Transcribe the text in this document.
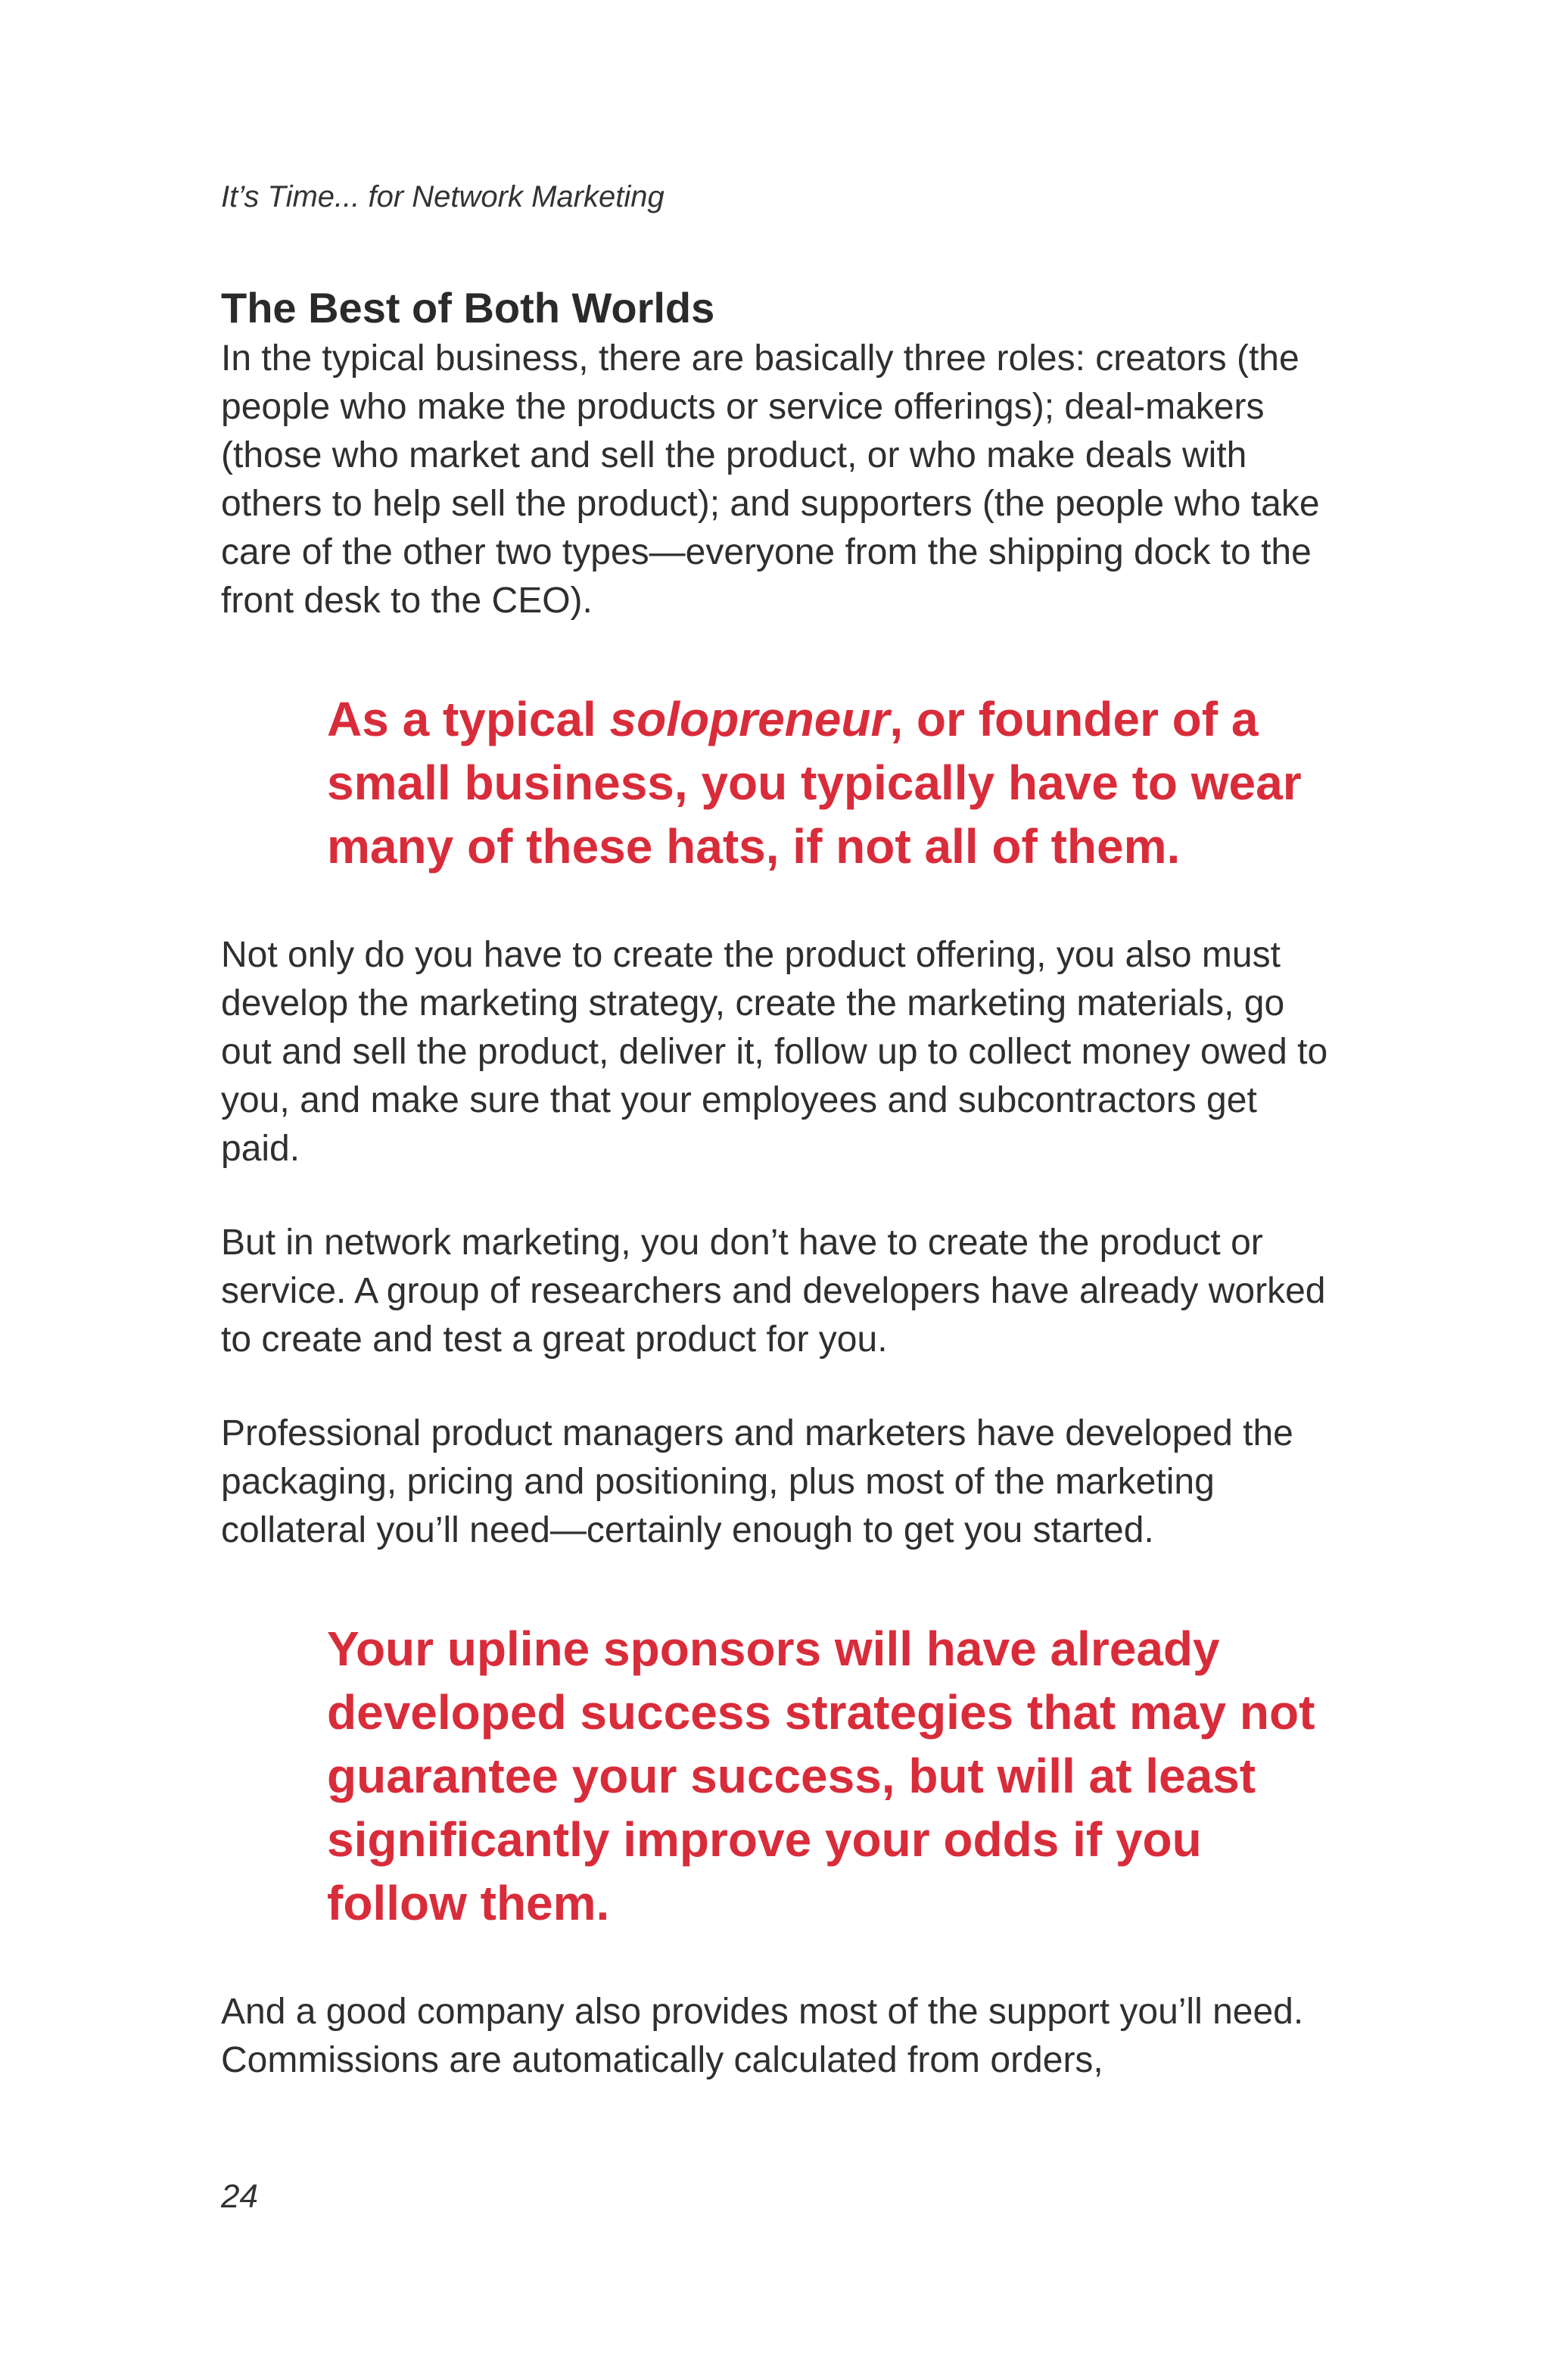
It’s Time... for Network Marketing
The Best of Both Worlds

In the typical business, there are basically three roles: creators (the people who make the products or service offerings); deal-makers (those who market and sell the product, or who make deals with others to help sell the product); and supporters (the people who take care of the other two types—everyone from the shipping dock to the front desk to the CEO).

As a typical solopreneur, or founder of a small business, you typically have to wear many of these hats, if not all of them.

Not only do you have to create the product offering, you also must develop the marketing strategy, create the marketing materials, go out and sell the product, deliver it, follow up to collect money owed to you, and make sure that your employees and subcontractors get paid.

But in network marketing, you don’t have to create the product or service. A group of researchers and developers have already worked to create and test a great product for you.

Professional product managers and marketers have developed the packaging, pricing and positioning, plus most of the marketing collateral you’ll need—certainly enough to get you started.

Your upline sponsors will have already developed success strategies that may not guarantee your success, but will at least significantly improve your odds if you follow them.

And a good company also provides most of the support you’ll need. Commissions are automatically calculated from orders,

24
